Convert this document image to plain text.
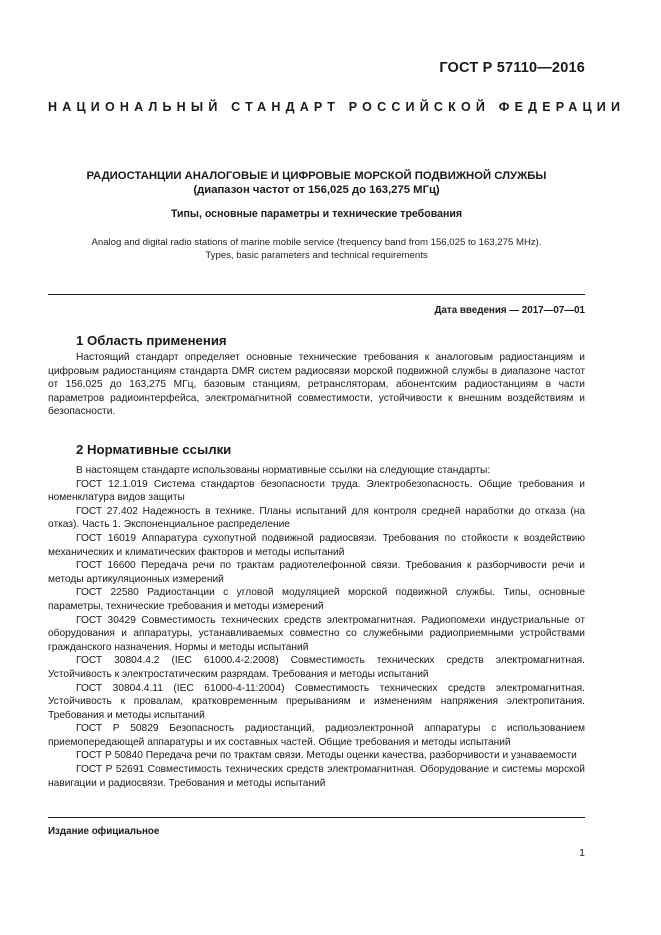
ГОСТ Р 57110—2016
НАЦИОНАЛЬНЫЙ СТАНДАРТ РОССИЙСКОЙ ФЕДЕРАЦИИ
РАДИОСТАНЦИИ АНАЛОГОВЫЕ И ЦИФРОВЫЕ МОРСКОЙ ПОДВИЖНОЙ СЛУЖБЫ
(диапазон частот от 156,025 до 163,275 МГц)
Типы, основные параметры и технические требования
Analog and digital radio stations of marine mobile service (frequency band from 156,025 to 163,275 MHz).
Types, basic parameters and technical requirements
Дата введения — 2017—07—01
1 Область применения

Настоящий стандарт определяет основные технические требования к аналоговым радиостанциям и цифровым радиостанциям стандарта DMR систем радиосвязи морской подвижной службы в диапазоне частот от 156,025 до 163,275 МГц, базовым станциям, ретрансляторам, абонентским радиостанциям в части параметров радиоинтерфейса, электромагнитной совместимости, устойчивости к внешним воздействиям и безопасности.

2 Нормативные ссылки

В настоящем стандарте использованы нормативные ссылки на следующие стандарты:

ГОСТ 12.1.019 Система стандартов безопасности труда. Электробезопасность. Общие требования и номенклатура видов защиты

ГОСТ 27.402 Надежность в технике. Планы испытаний для контроля средней наработки до отказа (на отказ). Часть 1. Экспоненциальное распределение

ГОСТ 16019 Аппаратура сухопутной подвижной радиосвязи. Требования по стойкости к воздействию механических и климатических факторов и методы испытаний

ГОСТ 16600 Передача речи по трактам радиотелефонной связи. Требования к разборчивости речи и методы артикуляционных измерений

ГОСТ 22580 Радиостанции с угловой модуляцией морской подвижной службы. Типы, основные параметры, технические требования и методы измерений

ГОСТ 30429 Совместимость технических средств электромагнитная. Радиопомехи индустриальные от оборудования и аппаратуры, устанавливаемых совместно со служебными радиоприемными устройствами гражданского назначения. Нормы и методы испытаний

ГОСТ 30804.4.2 (IEC 61000.4-2:2008) Совместимость технических средств электромагнитная. Устойчивость к электростатическим разрядам. Требования и методы испытаний

ГОСТ 30804.4.11 (IEC 61000-4-11:2004) Совместимость технических средств электромагнитная. Устойчивость к провалам, кратковременным прерываниям и изменениям напряжения электропитания. Требования и методы испытаний

ГОСТ Р 50829 Безопасность радиостанций, радиоэлектронной аппаратуры с использованием приемопередающей аппаратуры и их составных частей. Общие требования и методы испытаний

ГОСТ Р 50840 Передача речи по трактам связи. Методы оценки качества, разборчивости и узнаваемости

ГОСТ Р 52691 Совместимость технических средств электромагнитная. Оборудование и системы морской навигации и радиосвязи. Требования и методы испытаний

Издание официальное
1
